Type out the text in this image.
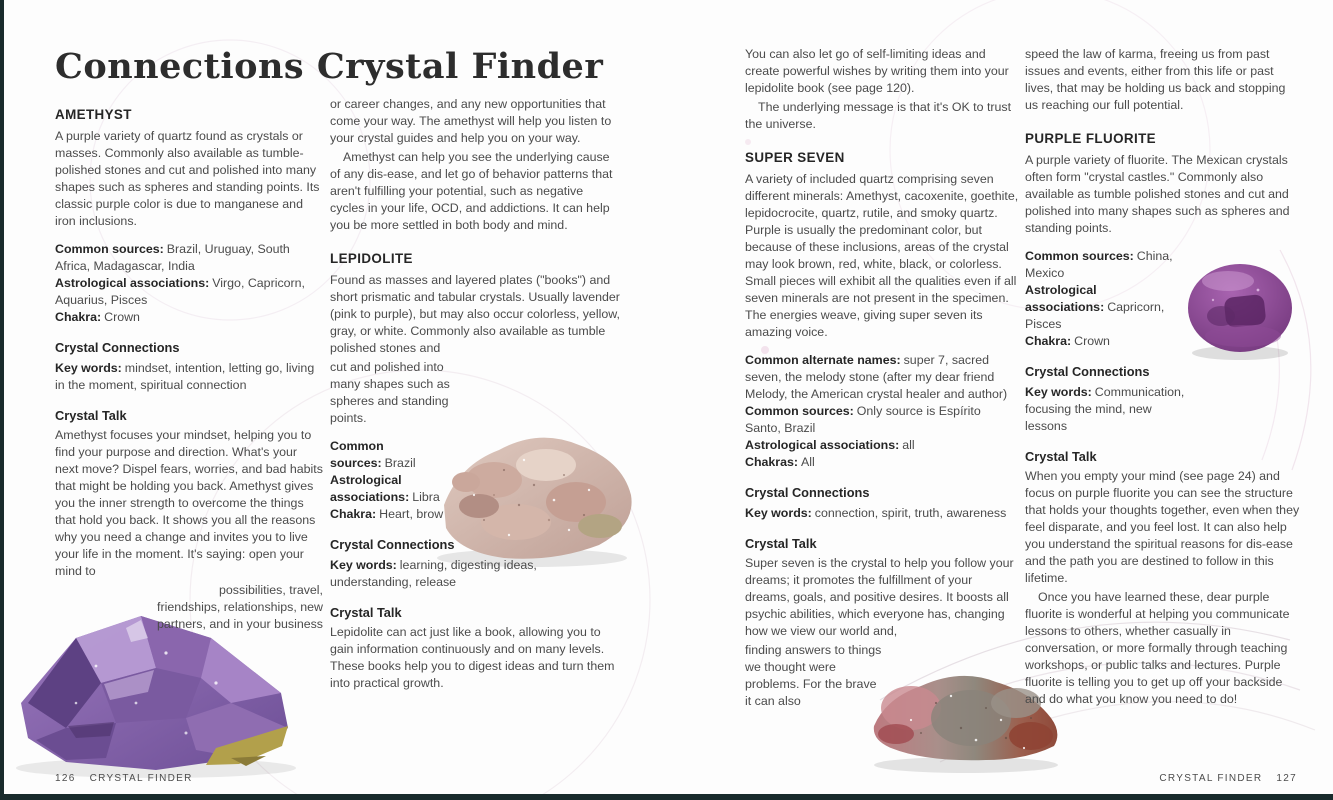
Connections Crystal Finder
AMETHYST

A purple variety of quartz found as crystals or masses. Commonly also available as tumble-polished stones and cut and polished into many shapes such as spheres and standing points. Its classic purple color is due to manganese and iron inclusions.

Common sources: Brazil, Uruguay, South Africa, Madagascar, India
Astrological associations: Virgo, Capricorn, Aquarius, Pisces
Chakra: Crown
Crystal Connections

Key words: mindset, intention, letting go, living in the moment, spiritual connection

Crystal Talk

Amethyst focuses your mindset, helping you to find your purpose and direction. What's your next move? Dispel fears, worries, and bad habits that might be holding you back. Amethyst gives you the inner strength to overcome the things that hold you back. It shows you all the reasons why you need a change and invites you to live your life in the moment. It's saying: open your mind to

possibilities, travel, friendships, relationships, new partners, and in your business

or career changes, and any new opportunities that come your way. The amethyst will help you listen to your crystal guides and help you on your way.

Amethyst can help you see the underlying cause of any dis-ease, and let go of behavior patterns that aren't fulfilling your potential, such as negative cycles in your life, OCD, and addictions. It can help you be more settled in both body and mind.

LEPIDOLITE

Found as masses and layered plates ("books") and short prismatic and tabular crystals. Usually lavender (pink to purple), but may also occur colorless, yellow, gray, or white. Commonly also available as tumble polished stones and

cut and polished into many shapes such as spheres and standing points.

Common sources: Brazil
Astrological associations: Libra
Chakra: Heart, brow
Crystal Connections

Key words: learning, digesting ideas, understanding, release

Crystal Talk

Lepidolite can act just like a book, allowing you to gain information continuously and on many levels. These books help you to digest ideas and turn them into practical growth.

You can also let go of self-limiting ideas and create powerful wishes by writing them into your lepidolite book (see page 120).

The underlying message is that it's OK to trust the universe.

SUPER SEVEN

A variety of included quartz comprising seven different minerals: Amethyst, cacoxenite, goethite, lepidocrocite, quartz, rutile, and smoky quartz. Purple is usually the predominant color, but because of these inclusions, areas of the crystal may look brown, red, white, black, or colorless. Small pieces will exhibit all the qualities even if all seven minerals are not present in the specimen. The energies weave, giving super seven its amazing voice.

Common alternate names: super 7, sacred seven, the melody stone (after my dear friend Melody, the American crystal healer and author)
Common sources: Only source is Espírito Santo, Brazil
Astrological associations: all
Chakras: All
Crystal Connections

Key words: connection, spirit, truth, awareness

Crystal Talk

Super seven is the crystal to help you follow your dreams; it promotes the fulfillment of your dreams, goals, and positive desires. It boosts all psychic abilities, which everyone has, changing how we view our world and,

finding answers to things we thought were problems. For the brave it can also

speed the law of karma, freeing us from past issues and events, either from this life or past lives, that may be holding us back and stopping us reaching our full potential.

PURPLE FLUORITE

A purple variety of fluorite. The Mexican crystals often form "crystal castles." Commonly also available as tumble polished stones and cut and polished into many shapes such as spheres and standing points.

Common sources: China, Mexico
Astrological associations: Capricorn, Pisces
Chakra: Crown
Crystal Connections

Key words: Communication, focusing the mind, new lessons

Crystal Talk

When you empty your mind (see page 24) and focus on purple fluorite you can see the structure that holds your thoughts together, even when they feel disparate, and you feel lost. It can also help you understand the spiritual reasons for dis-ease and the path you are destined to follow in this lifetime.

Once you have learned these, dear purple fluorite is wonderful at helping you communicate lessons to others, whether casually in conversation, or more formally through teaching workshops, or public talks and lectures. Purple fluorite is telling you to get up off your backside and do what you know you need to do!

126 CRYSTAL FINDER	CRYSTAL FINDER 127
